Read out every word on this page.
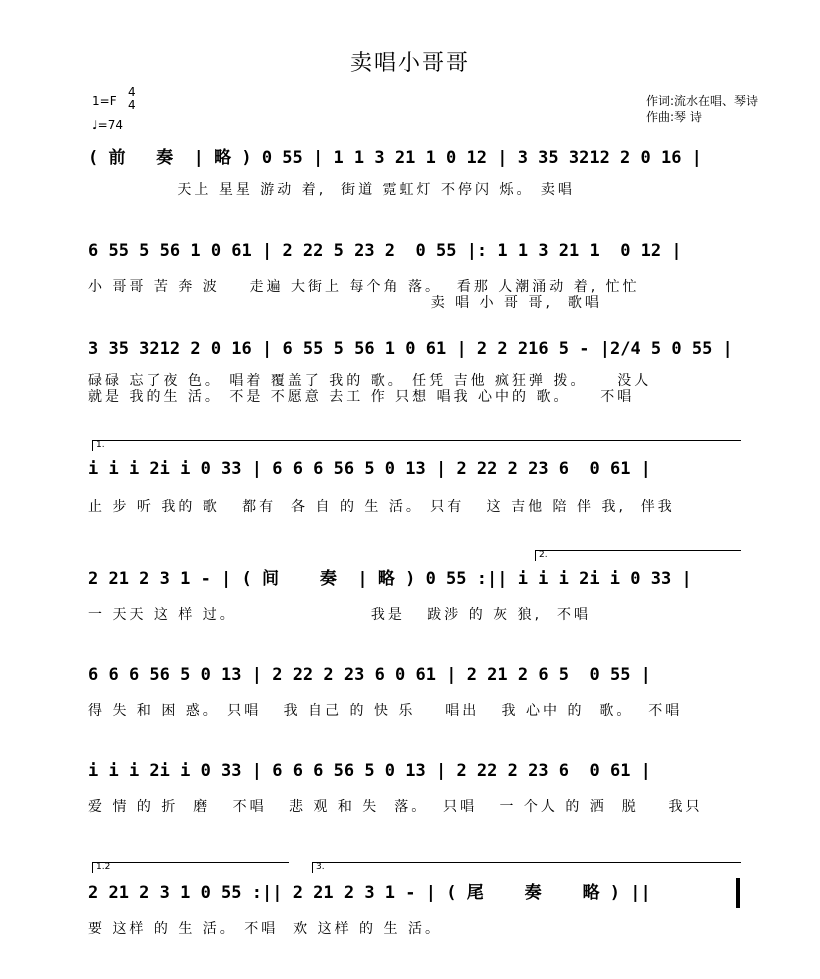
卖唱小哥哥
1=F
4
4
♩=74
作词:流水在唱、琴诗
作曲:琴 诗
( 前   奏  | 略 ) 0 55 | 1 1 3 21 1 0 12 | 3 35 3212 2 0 16 |
天上 星星 游动 着,  街道 霓虹灯 不停闪 烁。 卖唱
6 55 5 56 1 0 61 | 2 22 5 23 2  0 55 |: 1 1 3 21 1  0 12 |
小 哥哥 苦 奔 波    走遍 大街上 每个角 落。  看那 人潮涌动 着, 忙忙
卖 唱 小 哥 哥,  歌唱
3 35 3212 2 0 16 | 6 55 5 56 1 0 61 | 2 2 216 5 - |2/4 5 0 55 |
碌碌 忘了夜 色。 唱着 覆盖了 我的 歌。 任凭 吉他 疯狂弹 拨。    没人
就是 我的生 活。 不是 不愿意 去工 作 只想 唱我 心中的 歌。    不唱
1.
i i i 2i i 0 33 | 6 6 6 56 5 0 13 | 2 22 2 23 6  0 61 |
止 步 听 我的 歌   都有  各 自 的 生 活。 只有   这 吉他 陪 伴 我,  伴我
2.
2 21 2 3 1 - | ( 间    奏  | 略 ) 0 55 :|| i i i 2i i 0 33 |
一 天天 这 样 过。                  我是   跋涉 的 灰 狼,  不唱
6 6 6 56 5 0 13 | 2 22 2 23 6 0 61 | 2 21 2 6 5  0 55 |
得 失 和 困 惑。 只唱   我 自己 的 快 乐    唱出   我 心中 的  歌。  不唱
i i i 2i i 0 33 | 6 6 6 56 5 0 13 | 2 22 2 23 6  0 61 |
爱 情 的 折  磨   不唱   悲 观 和 失  落。  只唱   一 个人 的 洒  脱    我只
1.2	3.
2 21 2 3 1 0 55 :|| 2 21 2 3 1 - | ( 尾    奏    略 ) ||
要 这样 的 生 活。 不唱  欢 这样 的 生 活。
